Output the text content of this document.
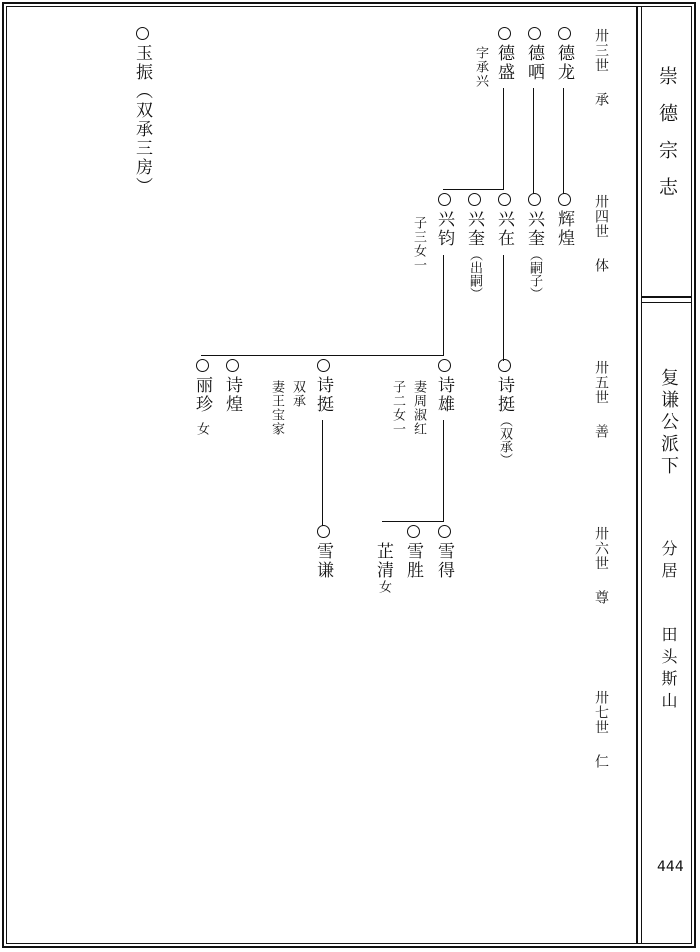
崇德宗志
复谦公派下
分居
田头斯山
444
卅三世
承
卅四世
体
卅五世
善
卅六世
尊
卅七世
仁
德龙
德哂
德盛
字承兴
玉振（双承三房）
辉煌
兴奎（嗣子）
兴在
兴奎（出嗣）
兴钧
子三女一
诗挺（双承）
诗雄
妻周淑红
子二女一
诗挺
双承
妻王宝家
诗煌
丽珍
女
雪得
雪胜
芷清女
雪谦
